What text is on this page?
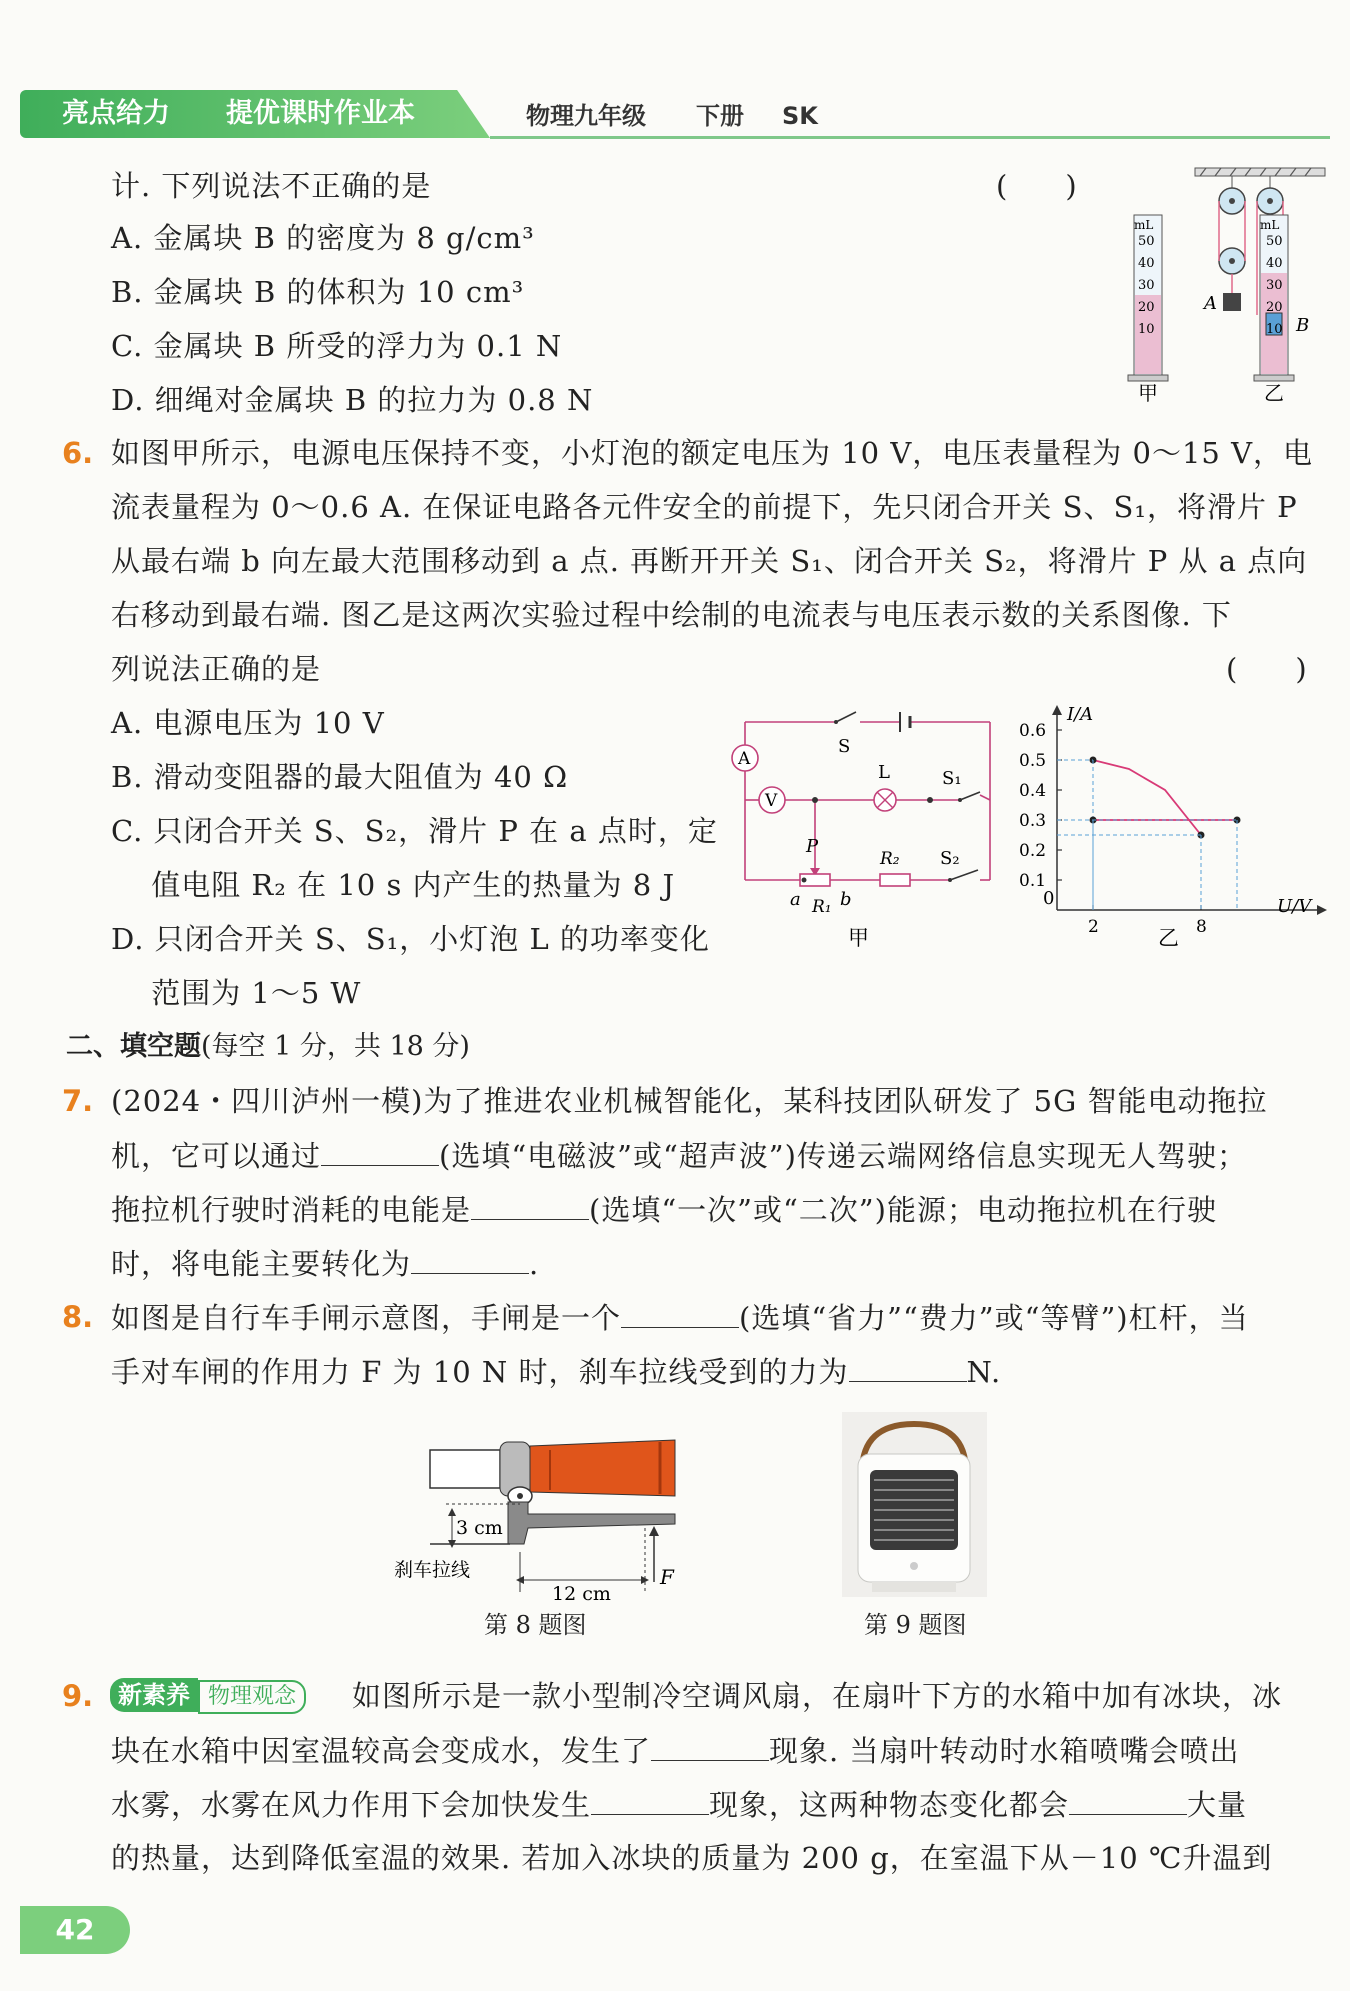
亮点给力 提优课时作业本	物理九年级 下册 SK
计. 下列说法不正确的是	(　　)
A. 金属块 B 的密度为 8 g/cm³
B. 金属块 B 的体积为 10 cm³
C. 金属块 B 所受的浮力为 0.1 N
D. 细绳对金属块 B 的拉力为 0.8 N
A
mL
50
40
30
20
10
mL
50
40
30
20
10 B
甲	乙
6. 如图甲所示，电源电压保持不变，小灯泡的额定电压为 10 V，电压表量程为 0～15 V，电
流表量程为 0～0.6 A. 在保证电路各元件安全的前提下，先只闭合开关 S、S₁，将滑片 P
从最右端 b 向左最大范围移动到 a 点. 再断开开关 S₁、闭合开关 S₂，将滑片 P 从 a 点向
右移动到最右端. 图乙是这两次实验过程中绘制的电流表与电压表示数的关系图像. 下
列说法正确的是	(　　)
A. 电源电压为 10 V
B. 滑动变阻器的最大阻值为 40 Ω
C. 只闭合开关 S、S₂，滑片 P 在 a 点时，定
　 值电阻 R₂ 在 10 s 内产生的热量为 8 J
D. 只闭合开关 S、S₁，小灯泡 L 的功率变化
　 范围为 1～5 W
S
A
V
L	S₁
P
a R₁ b
R₂ S₂
甲
I/A
U/V
0
0.6
0.5
0.4
0.3
0.2
0.1
2	8
乙
二、填空题(每空 1 分，共 18 分)
7. (2024・四川泸州一模)为了推进农业机械智能化，某科技团队研发了 5G 智能电动拖拉
机，它可以通过	(选填“电磁波”或“超声波”)传递云端网络信息实现无人驾驶；
拖拉机行驶时消耗的电能是	(选填“一次”或“二次”)能源；电动拖拉机在行驶
时，将电能主要转化为	.
8. 如图是自行车手闸示意图，手闸是一个	(选填“省力”“费力”或“等臂”)杠杆，当
手对车闸的作用力 F 为 10 N 时，刹车拉线受到的力为	N.
3 cm
刹车拉线
12 cm
F
第 8 题图	第 9 题图
9.	新素养 物理观念	如图所示是一款小型制冷空调风扇，在扇叶下方的水箱中加有冰块，冰
块在水箱中因室温较高会变成水，发生了	现象. 当扇叶转动时水箱喷嘴会喷出
水雾，水雾在风力作用下会加快发生	现象，这两种物态变化都会	大量
的热量，达到降低室温的效果. 若加入冰块的质量为 200 g，在室温下从－10 ℃升温到
42
